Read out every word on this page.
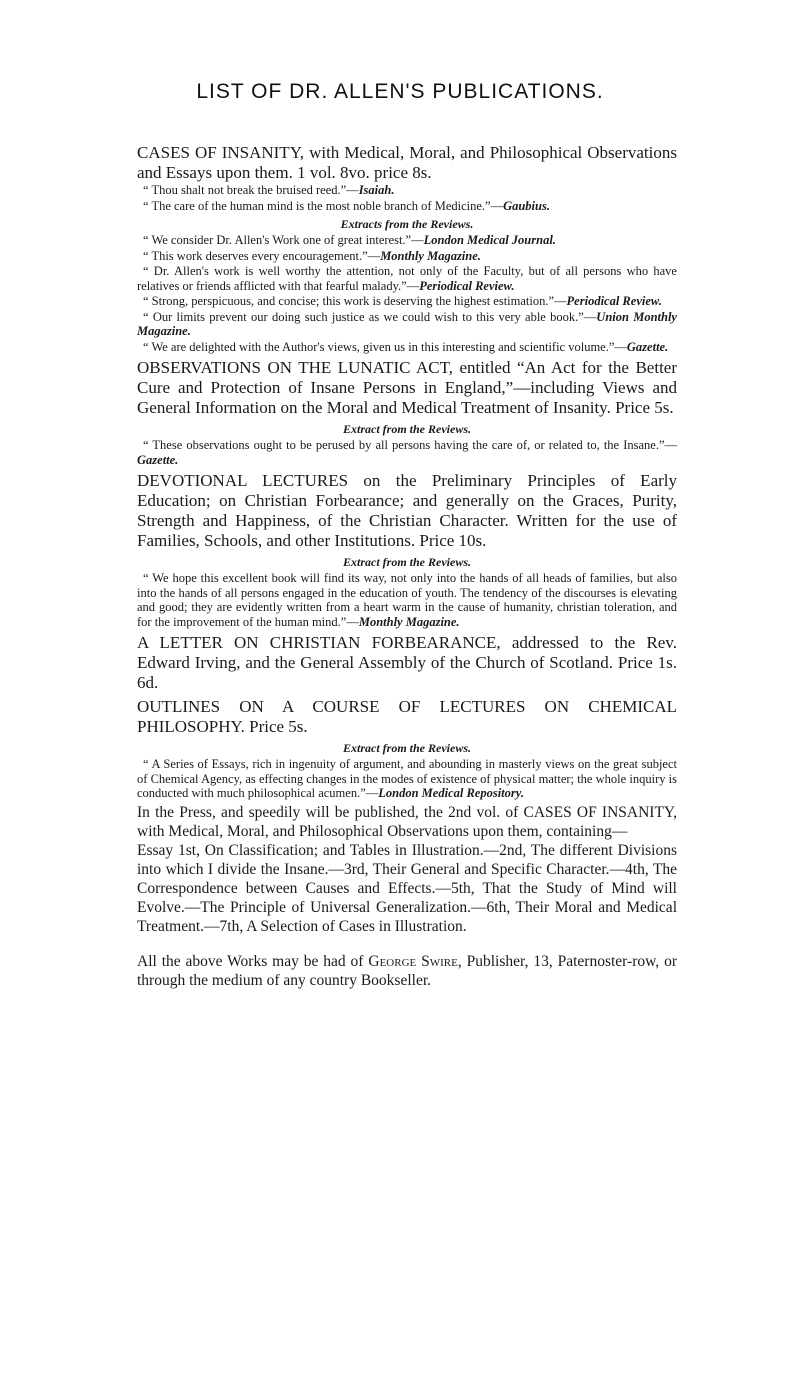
LIST OF DR. ALLEN'S PUBLICATIONS.

CASES OF INSANITY, with Medical, Moral, and Philosophical Observations and Essays upon them. 1 vol. 8vo. price 8s.

“ Thou shalt not break the bruised reed.”—Isaiah.

“ The care of the human mind is the most noble branch of Medicine.”—Gaubius.

Extracts from the Reviews.

“ We consider Dr. Allen's Work one of great interest.”—London Medical Journal.

“ This work deserves every encouragement.”—Monthly Magazine.

“ Dr. Allen's work is well worthy the attention, not only of the Faculty, but of all persons who have relatives or friends afflicted with that fearful malady.”—Periodical Review.

“ Strong, perspicuous, and concise; this work is deserving the highest estimation.”—Periodical Review.

“ Our limits prevent our doing such justice as we could wish to this very able book.”—Union Monthly Magazine.

“ We are delighted with the Author's views, given us in this interesting and scientific volume.”—Gazette.

OBSERVATIONS ON THE LUNATIC ACT, entitled “An Act for the Better Cure and Protection of Insane Persons in England,”—including Views and General Information on the Moral and Medical Treatment of Insanity. Price 5s.

Extract from the Reviews.

“ These observations ought to be perused by all persons having the care of, or related to, the Insane.”—Gazette.

DEVOTIONAL LECTURES on the Preliminary Principles of Early Education; on Christian Forbearance; and generally on the Graces, Purity, Strength and Happiness, of the Christian Character. Written for the use of Families, Schools, and other Institutions. Price 10s.

Extract from the Reviews.

“ We hope this excellent book will find its way, not only into the hands of all heads of families, but also into the hands of all persons engaged in the education of youth. The tendency of the discourses is elevating and good; they are evidently written from a heart warm in the cause of humanity, christian toleration, and for the improvement of the human mind.”—Monthly Magazine.

A LETTER ON CHRISTIAN FORBEARANCE, addressed to the Rev. Edward Irving, and the General Assembly of the Church of Scotland. Price 1s. 6d.

OUTLINES ON A COURSE OF LECTURES ON CHEMICAL PHILOSOPHY. Price 5s.

Extract from the Reviews.

“ A Series of Essays, rich in ingenuity of argument, and abounding in masterly views on the great subject of Chemical Agency, as effecting changes in the modes of existence of physical matter; the whole inquiry is conducted with much philosophical acumen.”—London Medical Repository.

In the Press, and speedily will be published, the 2nd vol. of CASES OF INSANITY, with Medical, Moral, and Philosophical Observations upon them, containing—

Essay 1st, On Classification; and Tables in Illustration.—2nd, The different Divisions into which I divide the Insane.—3rd, Their General and Specific Character.—4th, The Correspondence between Causes and Effects.—5th, That the Study of Mind will Evolve.—The Principle of Universal Generalization.—6th, Their Moral and Medical Treatment.—7th, A Selection of Cases in Illustration.

All the above Works may be had of George Swire, Publisher, 13, Paternoster-row, or through the medium of any country Bookseller.
